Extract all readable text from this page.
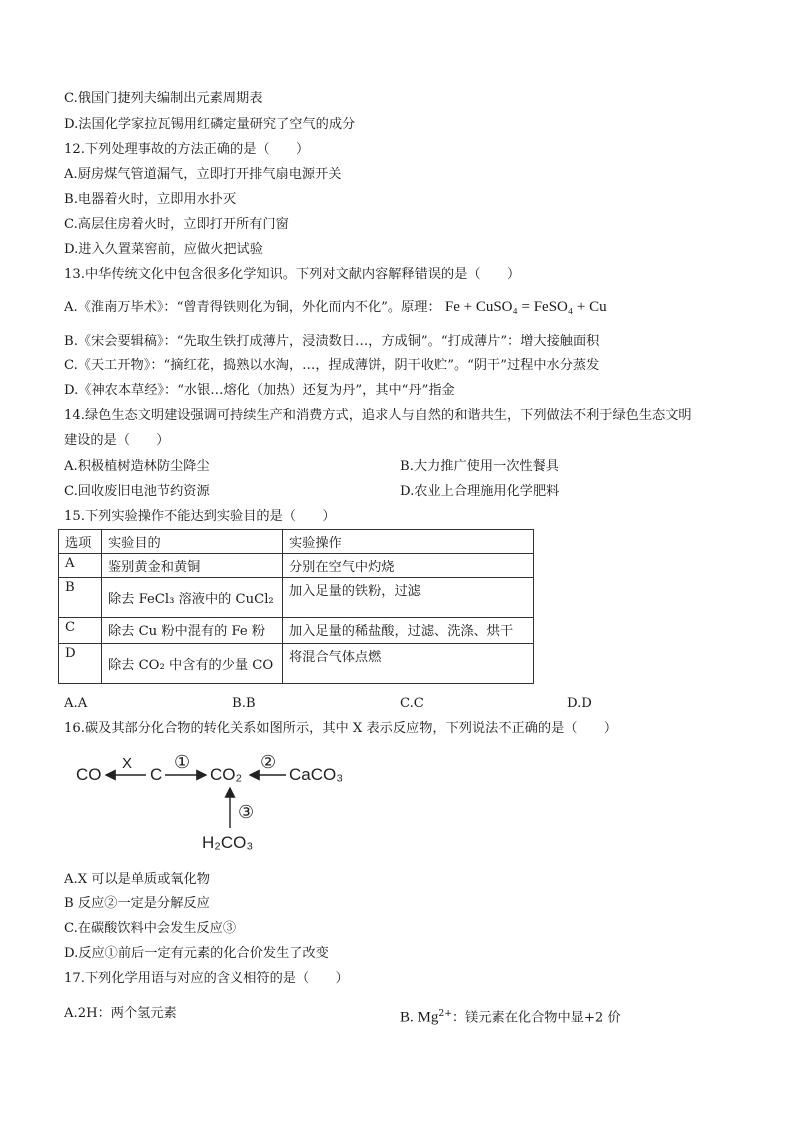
C.俄国门捷列夫编制出元素周期表
D.法国化学家拉瓦锡用红磷定量研究了空气的成分
12.下列处理事故的方法正确的是（　　）
A.厨房煤气管道漏气，立即打开排气扇电源开关
B.电器着火时，立即用水扑灭
C.高层住房着火时，立即打开所有门窗
D.进入久置菜窖前，应做火把试验
13.中华传统文化中包含很多化学知识。下列对文献内容解释错误的是（　　）
A.《淮南万毕术》：“曾青得铁则化为铜，外化而内不化”。原理： Fe + CuSO₄ = FeSO₄ + Cu
B.《宋会要辑稿》：“先取生铁打成薄片，浸渍数日…，方成铜”。“打成薄片”：增大接触面积
C.《天工开物》：“摘红花，捣熟以水淘，…，捏成薄饼，阴干收贮”。“阴干”过程中水分蒸发
D.《神农本草经》：“水银…熔化（加热）还复为丹”，其中“丹”指金
14.绿色生态文明建设强调可持续生产和消费方式，追求人与自然的和谐共生，下列做法不利于绿色生态文明
建设的是（　　）
A.积极植树造林防尘降尘	B.大力推广使用一次性餐具
C.回收废旧电池节约资源	D.农业上合理施用化学肥料
15.下列实验操作不能达到实验目的是（　　）
选项	实验目的	实验操作
A	鉴别黄金和黄铜	分别在空气中灼烧
B	除去 FeCl₃ 溶液中的 CuCl₂	加入足量的铁粉，过滤
C	除去 Cu 粉中混有的 Fe 粉	加入足量的稀盐酸，过滤、洗涤、烘干
D	除去 CO₂ 中含有的少量 CO	将混合气体点燃
A.A	B.B	C.C	D.D
16.碳及其部分化合物的转化关系如图所示，其中 X 表示反应物，下列说法不正确的是（　　）
CO
X
C
①
CO₂
②
CaCO₃
③
H₂CO₃
A.X 可以是单质或氧化物
B 反应②一定是分解反应
C.在碳酸饮料中会发生反应③
D.反应①前后一定有元素的化合价发生了改变
17.下列化学用语与对应的含义相符的是（　　）
A.2H：两个氢元素	B. $Mg^{2+}$：镁元素在化合物中显+2 价
